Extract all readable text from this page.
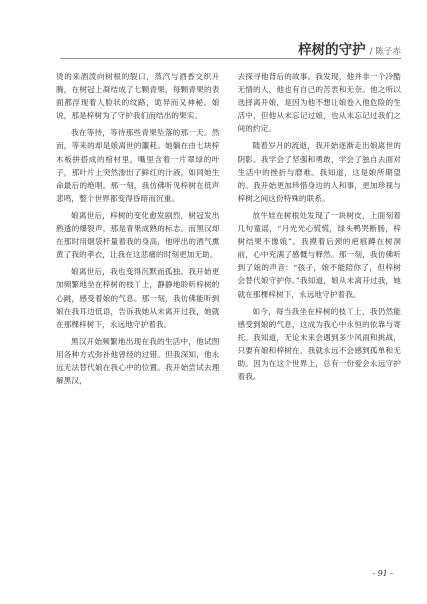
梓树的守护 / 陈子赤

烫的来酒泼向树根的裂口，蒸汽与酒香交织升腾，在树冠上凝结成了七颗青果，每颗青果的表面都浮现着人脸状的纹路，诡异而又神秘。娘说，那是梓树为了守护我们而结出的果实。

我在等待，等待那些青果坠落的那一天。然而，等来的却是娘离世的噩耗。她躺在由七块梓木板拼搭成的棺材里，嘴里含着一片翠绿的叶子，那叶片上突然渗出了鲜红的汁液，如同她生命最后的绝唱。那一刻，我仿佛听见梓树在低声悲鸣，整个世界都变得昏暗而沉重。

娘离世后，梓树的变化愈发剧烈，树冠发出熟透的爆裂声，那是青果成熟的标志。而黑汉却在那时用烟袋杆量着我的身高，他呼出的酒气熏黄了我的孝衣，让我在这悲痛的时刻更加无助。

娘离世后，我也变得沉默而孤独。我开始更加频繁地坐在梓树的枝丫上，静静地聆听梓树的心跳，感受着娘的气息。那一刻，我仿佛能听到娘在我耳边低语，告诉我她从未离开过我，她就在那棵梓树下，永远地守护着我。

黑汉开始频繁地出现在我的生活中，他试图用各种方式弥补他曾经的过错。但我深知，他永远无法替代娘在我心中的位置。我开始尝试去理解黑汉，

去探寻他背后的故事。我发现，他并非一个冷酷无情的人，他也有自己的苦衷和无奈。他之所以选择离开娘，是因为他不想让娘卷入他危险的生活中，但他从未忘记过娘，也从未忘记过我们之间的约定。

随着岁月的流逝，我开始逐渐走出娘离世的阴影。我学会了坚强和勇敢，学会了独自去面对生活中的挫折与磨难。我知道，这是娘所期望的。我开始更加珍惜身边的人和事，更加珍视与梓树之间这份特殊的联系。

放牛娃在树根处发现了一块树皮，上面刻着几句童谣，“月光光心慌慌，绿头鸭哭断肠，梓树结果不像娘”。我摸着后颈的疤痕蹲在树洞前，心中充满了感慨与释然。那一刻，我仿佛听到了娘的声音：“孩子，娘不能陪你了，但梓树会替代娘守护你。”我知道，娘从未离开过我，她就在那棵梓树下，永远地守护着我。

如今，每当我坐在梓树的枝丫上，我仍然能感受到娘的气息，这成为我心中永恒的依靠与寄托。我知道，无论未来会遇到多少风雨和挑战，只要有娘和梓树在，我就永远不会感到孤单和无助。因为在这个世界上，总有一份爱会永远守护着我。

- 91 -
